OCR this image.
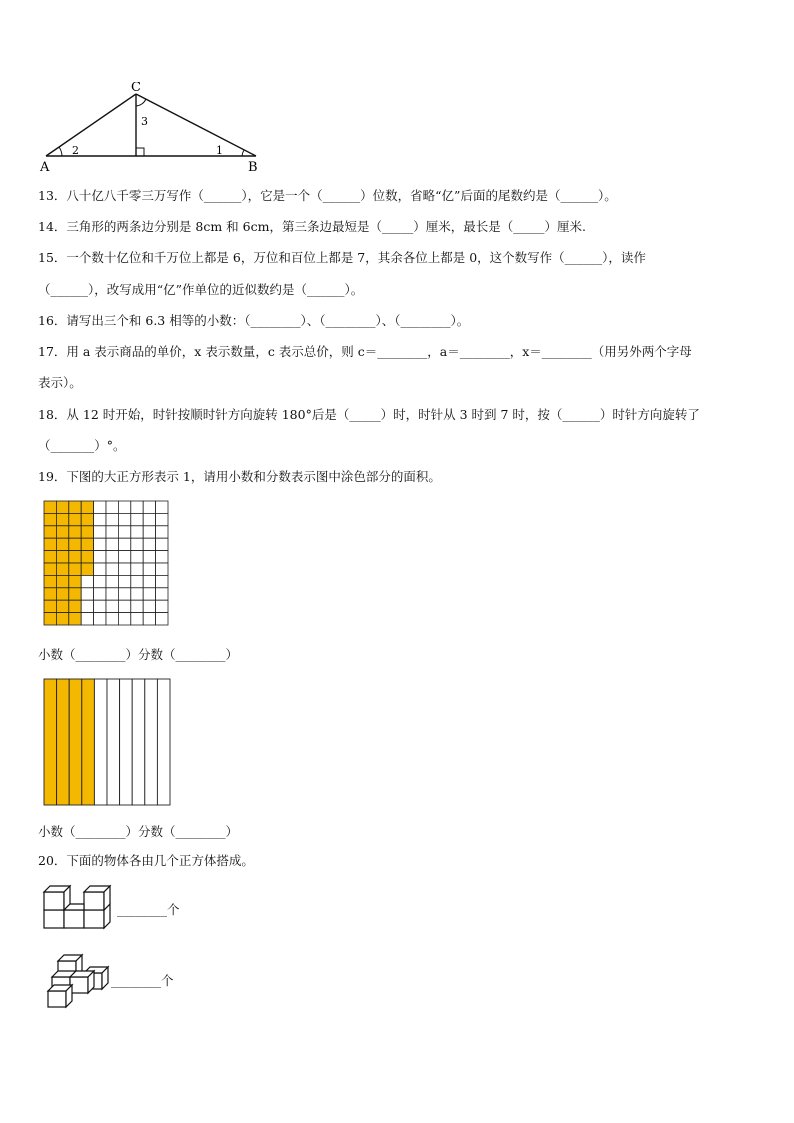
C
A	B
3
2	1
13．八十亿八千零三万写作（______），它是一个（______）位数，省略“亿”后面的尾数约是（______）。
14．三角形的两条边分别是 8cm 和 6cm，第三条边最短是（_____）厘米，最长是（_____）厘米.
15．一个数十亿位和千万位上都是 6，万位和百位上都是 7，其余各位上都是 0，这个数写作（______），读作
（______），改写成用“亿”作单位的近似数约是（______）。
16．请写出三个和 6.3 相等的小数：（________）、（________）、（________）。
17．用 a 表示商品的单价，x 表示数量，c 表示总价，则 c＝________，a＝________，x＝________（用另外两个字母
表示）。
18．从 12 时开始，时针按顺时针方向旋转 180°后是（_____）时，时针从 3 时到 7 时，按（______）时针方向旋转了
（_______）°。
19．下图的大正方形表示 1，请用小数和分数表示图中涂色部分的面积。
小数（________）分数（________）
小数（________）分数（________）
20．下面的物体各由几个正方体搭成。
________个
________个
